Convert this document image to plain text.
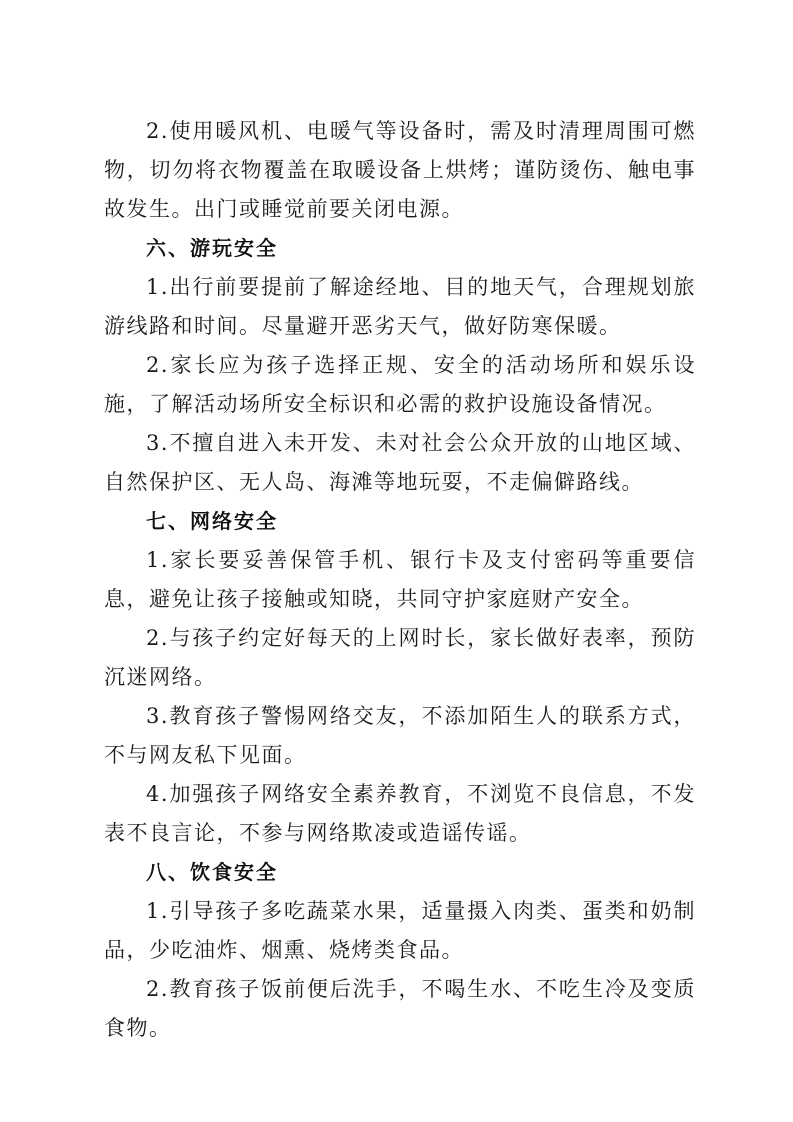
2.使用暖风机、电暖气等设备时，需及时清理周围可燃物，切勿将衣物覆盖在取暖设备上烘烤；谨防烫伤、触电事故发生。出门或睡觉前要关闭电源。

六、游玩安全

1.出行前要提前了解途经地、目的地天气，合理规划旅游线路和时间。尽量避开恶劣天气，做好防寒保暖。

2.家长应为孩子选择正规、安全的活动场所和娱乐设施，了解活动场所安全标识和必需的救护设施设备情况。

3.不擅自进入未开发、未对社会公众开放的山地区域、自然保护区、无人岛、海滩等地玩耍，不走偏僻路线。

七、网络安全

1.家长要妥善保管手机、银行卡及支付密码等重要信息，避免让孩子接触或知晓，共同守护家庭财产安全。

2.与孩子约定好每天的上网时长，家长做好表率，预防沉迷网络。

3.教育孩子警惕网络交友，不添加陌生人的联系方式，不与网友私下见面。

4.加强孩子网络安全素养教育，不浏览不良信息，不发表不良言论，不参与网络欺凌或造谣传谣。

八、饮食安全

1.引导孩子多吃蔬菜水果，适量摄入肉类、蛋类和奶制品，少吃油炸、烟熏、烧烤类食品。

2.教育孩子饭前便后洗手，不喝生水、不吃生冷及变质食物。
